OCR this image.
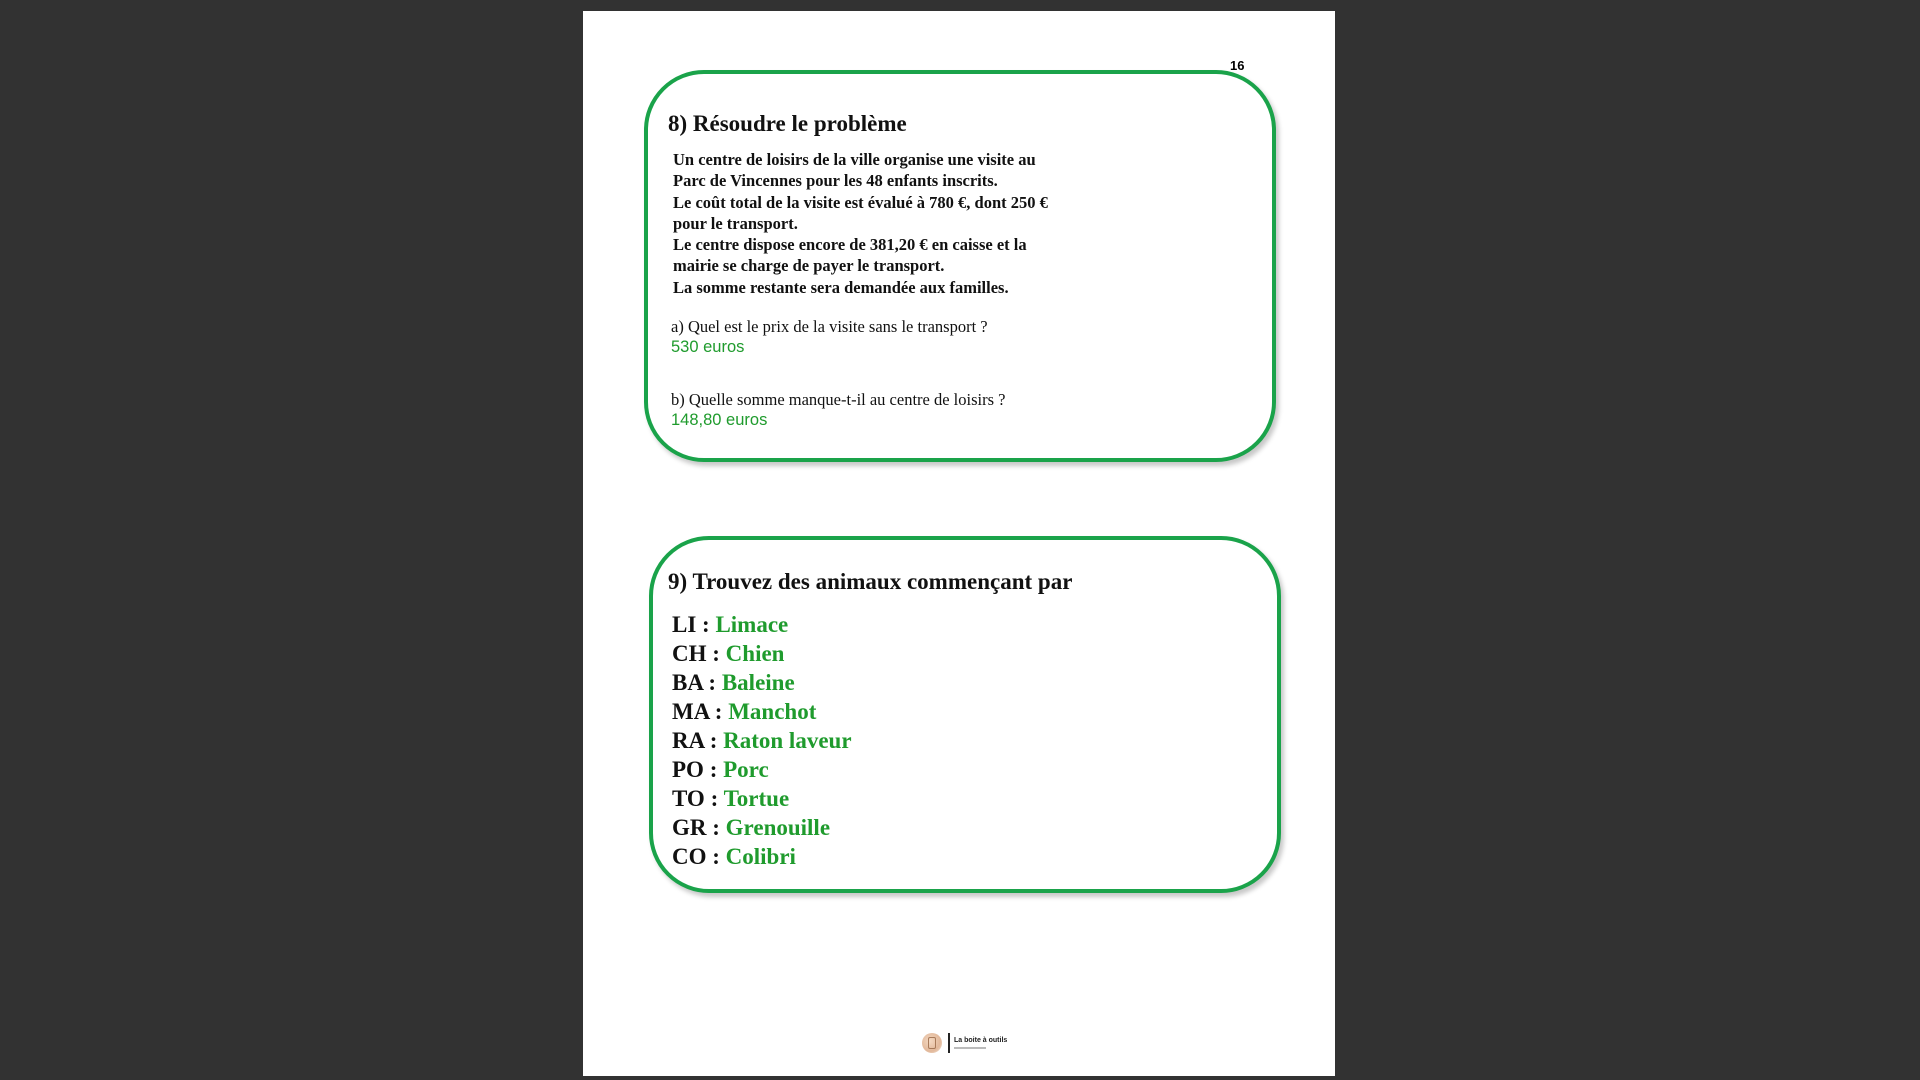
16
8) Résoudre le problème
Un centre de loisirs de la ville organise une visite au
Parc de Vincennes pour les 48 enfants inscrits.
Le coût total de la visite est évalué à 780 €, dont 250 €
pour le transport.
Le centre dispose encore de 381,20 € en caisse et la
mairie se charge de payer le transport.
La somme restante sera demandée aux familles.
a) Quel est le prix de la visite sans le transport ?
530 euros
b) Quelle somme manque-t-il au centre de loisirs ?
148,80 euros
9) Trouvez des animaux commençant par
LI : Limace
CH : Chien
BA : Baleine
MA : Manchot
RA : Raton laveur
PO : Porc
TO : Tortue
GR : Grenouille
CO : Colibri
La boite à outils
